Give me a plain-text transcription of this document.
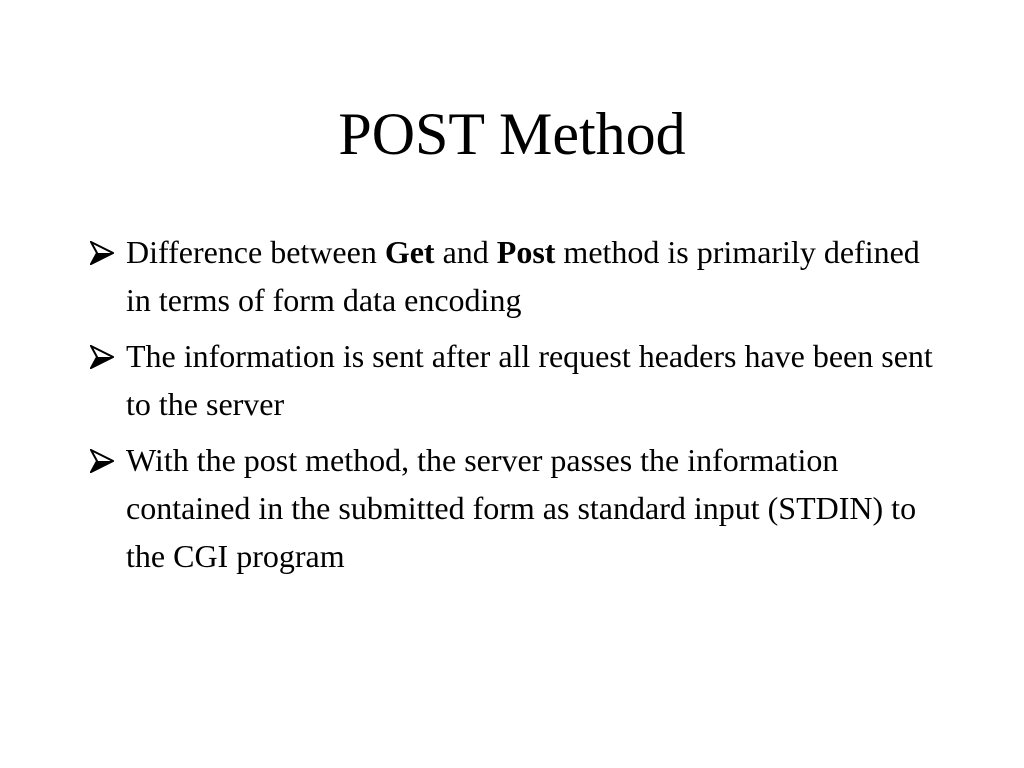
POST Method
Difference between Get and Post method is primarily defined in terms of form data encoding
The information is sent after all request headers have been sent to the server
With the post method, the server passes the information contained in the submitted form as standard input (STDIN) to the CGI program
